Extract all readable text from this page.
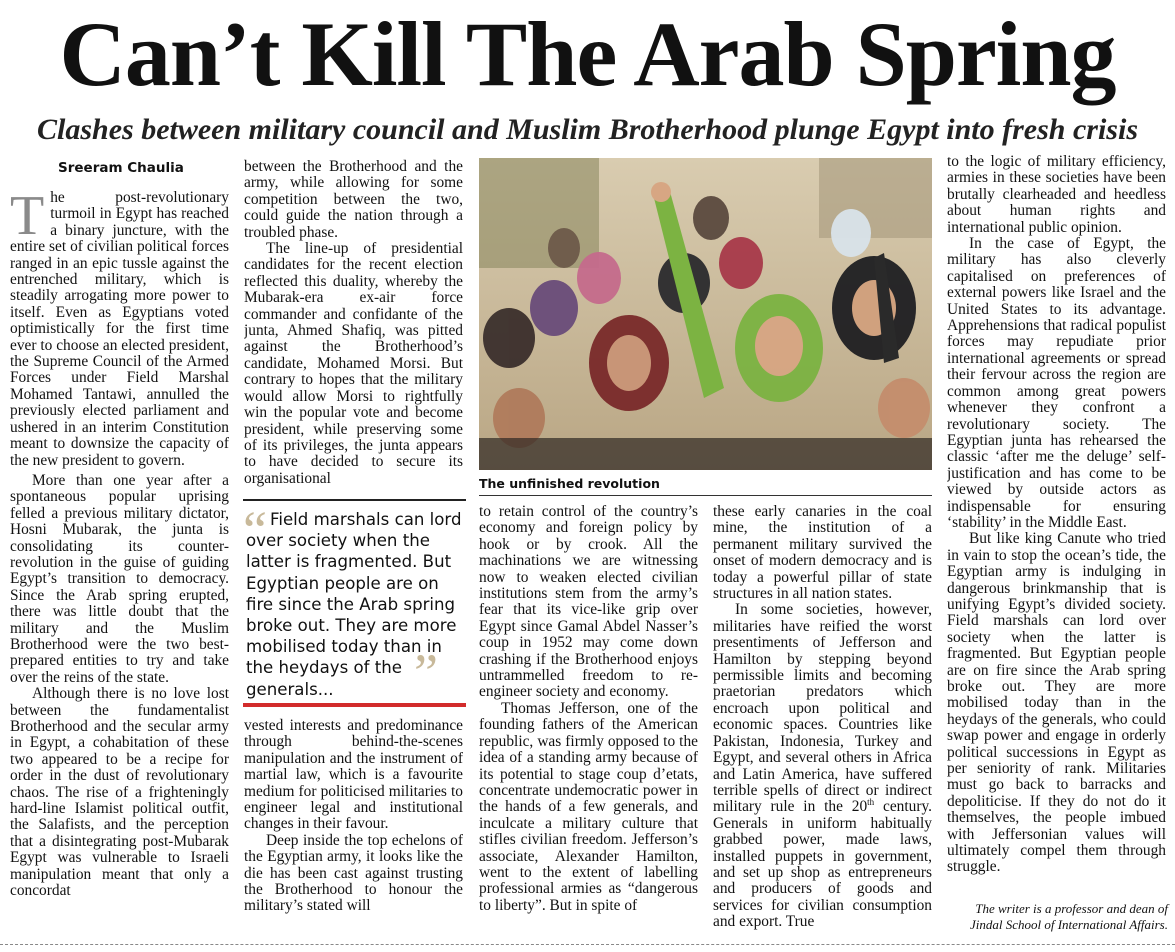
Can’t Kill The Arab Spring
Clashes between military council and Muslim Brotherhood plunge Egypt into fresh crisis
Sreeram Chaulia

The post-revolutionary turmoil in Egypt has reached a binary juncture, with the entire set of civilian political forces ranged in an epic tussle against the entrenched military, which is steadily arrogating more power to itself. Even as Egyptians voted optimistically for the first time ever to choose an elected president, the Supreme Council of the Armed Forces under Field Marshal Mohamed Tantawi, annulled the previously elected parliament and ushered in an interim Constitution meant to downsize the capacity of the new president to govern.

More than one year after a spontaneous popular uprising felled a previous military dictator, Hosni Mubarak, the junta is consolidating its counter-revolution in the guise of guiding Egypt’s transition to democracy. Since the Arab spring erupted, there was little doubt that the military and the Muslim Brotherhood were the two best-prepared entities to try and take over the reins of the state.

Although there is no love lost between the fundamentalist Brotherhood and the secular army in Egypt, a cohabitation of these two appeared to be a recipe for order in the dust of revolutionary chaos. The rise of a frighteningly hard-line Islamist political outfit, the Salafists, and the perception that a disintegrating post-Mubarak Egypt was vulnerable to Israeli manipulation meant that only a concordat

between the Brotherhood and the army, while allowing for some competition between the two, could guide the nation through a troubled phase.

The line-up of presidential candidates for the recent election reflected this duality, whereby the Mubarak-era ex-air force commander and confidante of the junta, Ahmed Shafiq, was pitted against the Brotherhood’s candidate, Mohamed Morsi. But contrary to hopes that the military would allow Morsi to rightfully win the popular vote and become president, while preserving some of its privileges, the junta appears to have decided to secure its organisational

“ Field marshals can lord over society when the latter is fragmented. But Egyptian people are on fire since the Arab spring broke out. They are more mobilised today than in the heydays of the generals...	”

vested interests and predominance through behind-the-scenes manipulation and the instrument of martial law, which is a favourite medium for politicised militaries to engineer legal and institutional changes in their favour.

Deep inside the top echelons of the Egyptian army, it looks like the die has been cast against trusting the Brotherhood to honour the military’s stated will

The unfinished revolution

to retain control of the country’s economy and foreign policy by hook or by crook. All the machinations we are witnessing now to weaken elected civilian institutions stem from the army’s fear that its vice-like grip over Egypt since Gamal Abdel Nasser’s coup in 1952 may come down crashing if the Brotherhood enjoys untrammelled freedom to re-engineer society and economy.

Thomas Jefferson, one of the founding fathers of the American republic, was firmly opposed to the idea of a standing army because of its potential to stage coup d’etats, concentrate undemocratic power in the hands of a few generals, and inculcate a military culture that stifles civilian freedom. Jefferson’s associate, Alexander Hamilton, went to the extent of labelling professional armies as “dangerous to liberty”. But in spite of

these early canaries in the coal mine, the institution of a permanent military survived the onset of modern democracy and is today a powerful pillar of state structures in all nation states.

In some societies, however, militaries have reified the worst presentiments of Jefferson and Hamilton by stepping beyond permissible limits and becoming praetorian predators which encroach upon political and economic spaces. Countries like Pakistan, Indonesia, Turkey and Egypt, and several others in Africa and Latin America, have suffered terrible spells of direct or indirect military rule in the 20th century. Generals in uniform habitually grabbed power, made laws, installed puppets in government, and set up shop as entrepreneurs and producers of goods and services for civilian consumption and export. True

to the logic of military efficiency, armies in these societies have been brutally clearheaded and heedless about human rights and international public opinion.

In the case of Egypt, the military has also cleverly capitalised on preferences of external powers like Israel and the United States to its advantage. Apprehensions that radical populist forces may repudiate prior international agreements or spread their fervour across the region are common among great powers whenever they confront a revolutionary society. The Egyptian junta has rehearsed the classic ‘after me the deluge’ self-justification and has come to be viewed by outside actors as indispensable for ensuring ‘stability’ in the Middle East.

But like king Canute who tried in vain to stop the ocean’s tide, the Egyptian army is indulging in dangerous brinkmanship that is unifying Egypt’s divided society. Field marshals can lord over society when the latter is fragmented. But Egyptian people are on fire since the Arab spring broke out. They are more mobilised today than in the heydays of the generals, who could swap power and engage in orderly political successions in Egypt as per seniority of rank. Militaries must go back to barracks and depoliticise. If they do not do it themselves, the people imbued with Jeffersonian values will ultimately compel them through struggle.

The writer is a professor and dean of
Jindal School of International Affairs.
